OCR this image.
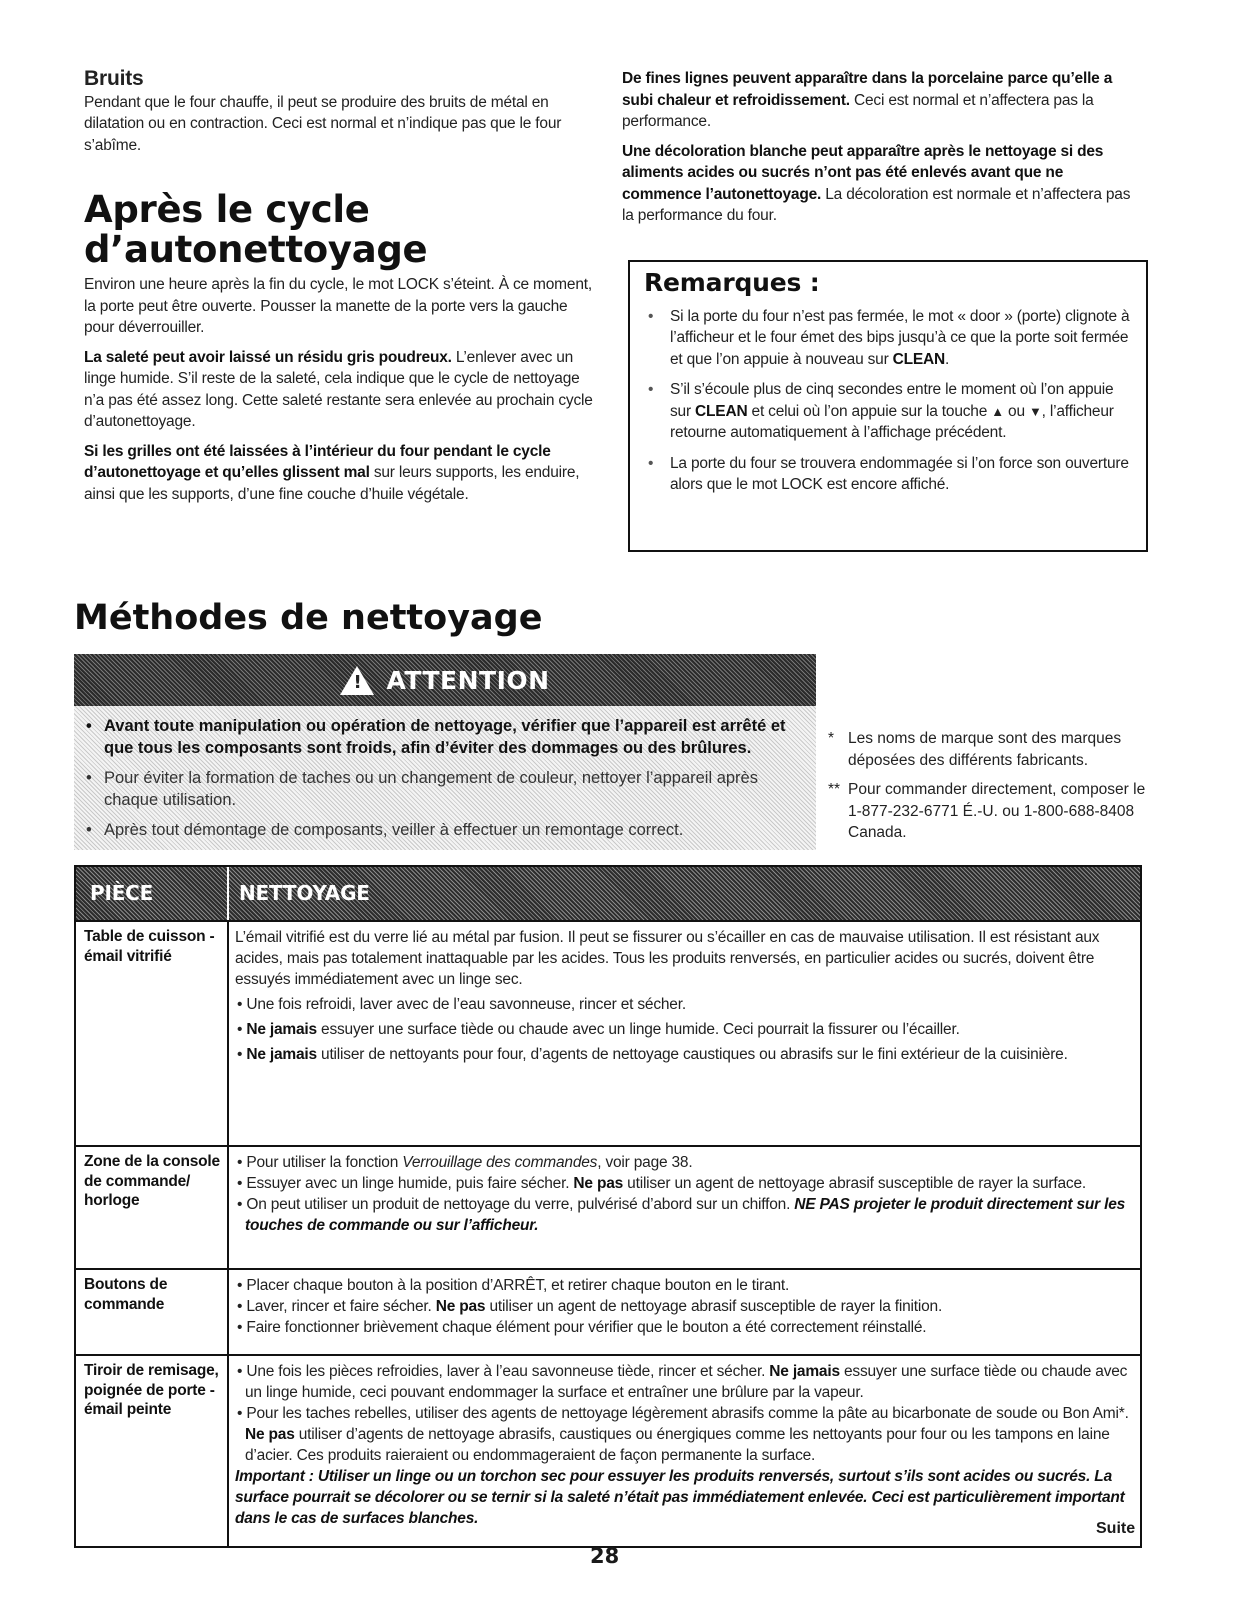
Bruits

Pendant que le four chauffe, il peut se produire des bruits de métal en dilatation ou en contraction. Ceci est normal et n’indique pas que le four s’abîme.

Après le cycle
d’autonettoyage

Environ une heure après la fin du cycle, le mot LOCK s’éteint. À ce moment, la porte peut être ouverte. Pousser la manette de la porte vers la gauche pour déverrouiller.

La saleté peut avoir laissé un résidu gris poudreux. L’enlever avec un linge humide. S’il reste de la saleté, cela indique que le cycle de nettoyage n’a pas été assez long. Cette saleté restante sera enlevée au prochain cycle d’autonettoyage.

Si les grilles ont été laissées à l’intérieur du four pendant le cycle d’autonettoyage et qu’elles glissent mal sur leurs supports, les enduire, ainsi que les supports, d’une fine couche d’huile végétale.

De fines lignes peuvent apparaître dans la porcelaine parce qu’elle a subi chaleur et refroidissement. Ceci est normal et n’affectera pas la performance.

Une décoloration blanche peut apparaître après le nettoyage si des aliments acides ou sucrés n’ont pas été enlevés avant que ne commence l’autonettoyage. La décoloration est normale et n’affectera pas la performance du four.

Remarques :
• Si la porte du four n’est pas fermée, le mot « door » (porte) clignote à l’afficheur et le four émet des bips jusqu’à ce que la porte soit fermée et que l’on appuie à nouveau sur CLEAN.
• S’il s’écoule plus de cinq secondes entre le moment où l’on appuie sur CLEAN et celui où l’on appuie sur la touche ▲ ou ▼, l’afficheur retourne automatiquement à l’affichage précédent.
• La porte du four se trouvera endommagée si l’on force son ouverture alors que le mot LOCK est encore affiché.
Méthodes de nettoyage
! ATTENTION
• Avant toute manipulation ou opération de nettoyage, vérifier que l’appareil est arrêté et que tous les composants sont froids, afin d’éviter des dommages ou des brûlures.
• Pour éviter la formation de taches ou un changement de couleur, nettoyer l’appareil après chaque utilisation.
• Après tout démontage de composants, veiller à effectuer un remontage correct.
* Les noms de marque sont des marques déposées des différents fabricants.
** Pour commander directement, composer le 1-877-232-6771 É.-U. ou 1-800-688-8408 Canada.
PIÈCE	NETTOYAGE
Table de cuisson - émail vitrifié

L’émail vitrifié est du verre lié au métal par fusion. Il peut se fissurer ou s’écailler en cas de mauvaise utilisation. Il est résistant aux acides, mais pas totalement inattaquable par les acides. Tous les produits renversés, en particulier acides ou sucrés, doivent être essuyés immédiatement avec un linge sec.

• Une fois refroidi, laver avec de l’eau savonneuse, rincer et sécher.

• Ne jamais essuyer une surface tiède ou chaude avec un linge humide. Ceci pourrait la fissurer ou l’écailler.

• Ne jamais utiliser de nettoyants pour four, d’agents de nettoyage caustiques ou abrasifs sur le fini extérieur de la cuisinière.

Zone de la console de commande/ horloge

• Pour utiliser la fonction Verrouillage des commandes, voir page 38.

• Essuyer avec un linge humide, puis faire sécher. Ne pas utiliser un agent de nettoyage abrasif susceptible de rayer la surface.

• On peut utiliser un produit de nettoyage du verre, pulvérisé d’abord sur un chiffon. NE PAS projeter le produit directement sur les touches de commande ou sur l’afficheur.

Boutons de commande

• Placer chaque bouton à la position d’ARRÊT, et retirer chaque bouton en le tirant.

• Laver, rincer et faire sécher. Ne pas utiliser un agent de nettoyage abrasif susceptible de rayer la finition.

• Faire fonctionner brièvement chaque élément pour vérifier que le bouton a été correctement réinstallé.

Tiroir de remisage, poignée de porte - émail peinte

• Une fois les pièces refroidies, laver à l’eau savonneuse tiède, rincer et sécher. Ne jamais essuyer une surface tiède ou chaude avec un linge humide, ceci pouvant endommager la surface et entraîner une brûlure par la vapeur.

• Pour les taches rebelles, utiliser des agents de nettoyage légèrement abrasifs comme la pâte au bicarbonate de soude ou Bon Ami*. Ne pas utiliser d’agents de nettoyage abrasifs, caustiques ou énergiques comme les nettoyants pour four ou les tampons en laine d’acier. Ces produits raieraient ou endommageraient de façon permanente la surface.

Important : Utiliser un linge ou un torchon sec pour essuyer les produits renversés, surtout s’ils sont acides ou sucrés. La surface pourrait se décolorer ou se ternir si la saleté n’était pas immédiatement enlevée. Ceci est particulièrement important dans le cas de surfaces blanches.

Suite
28
